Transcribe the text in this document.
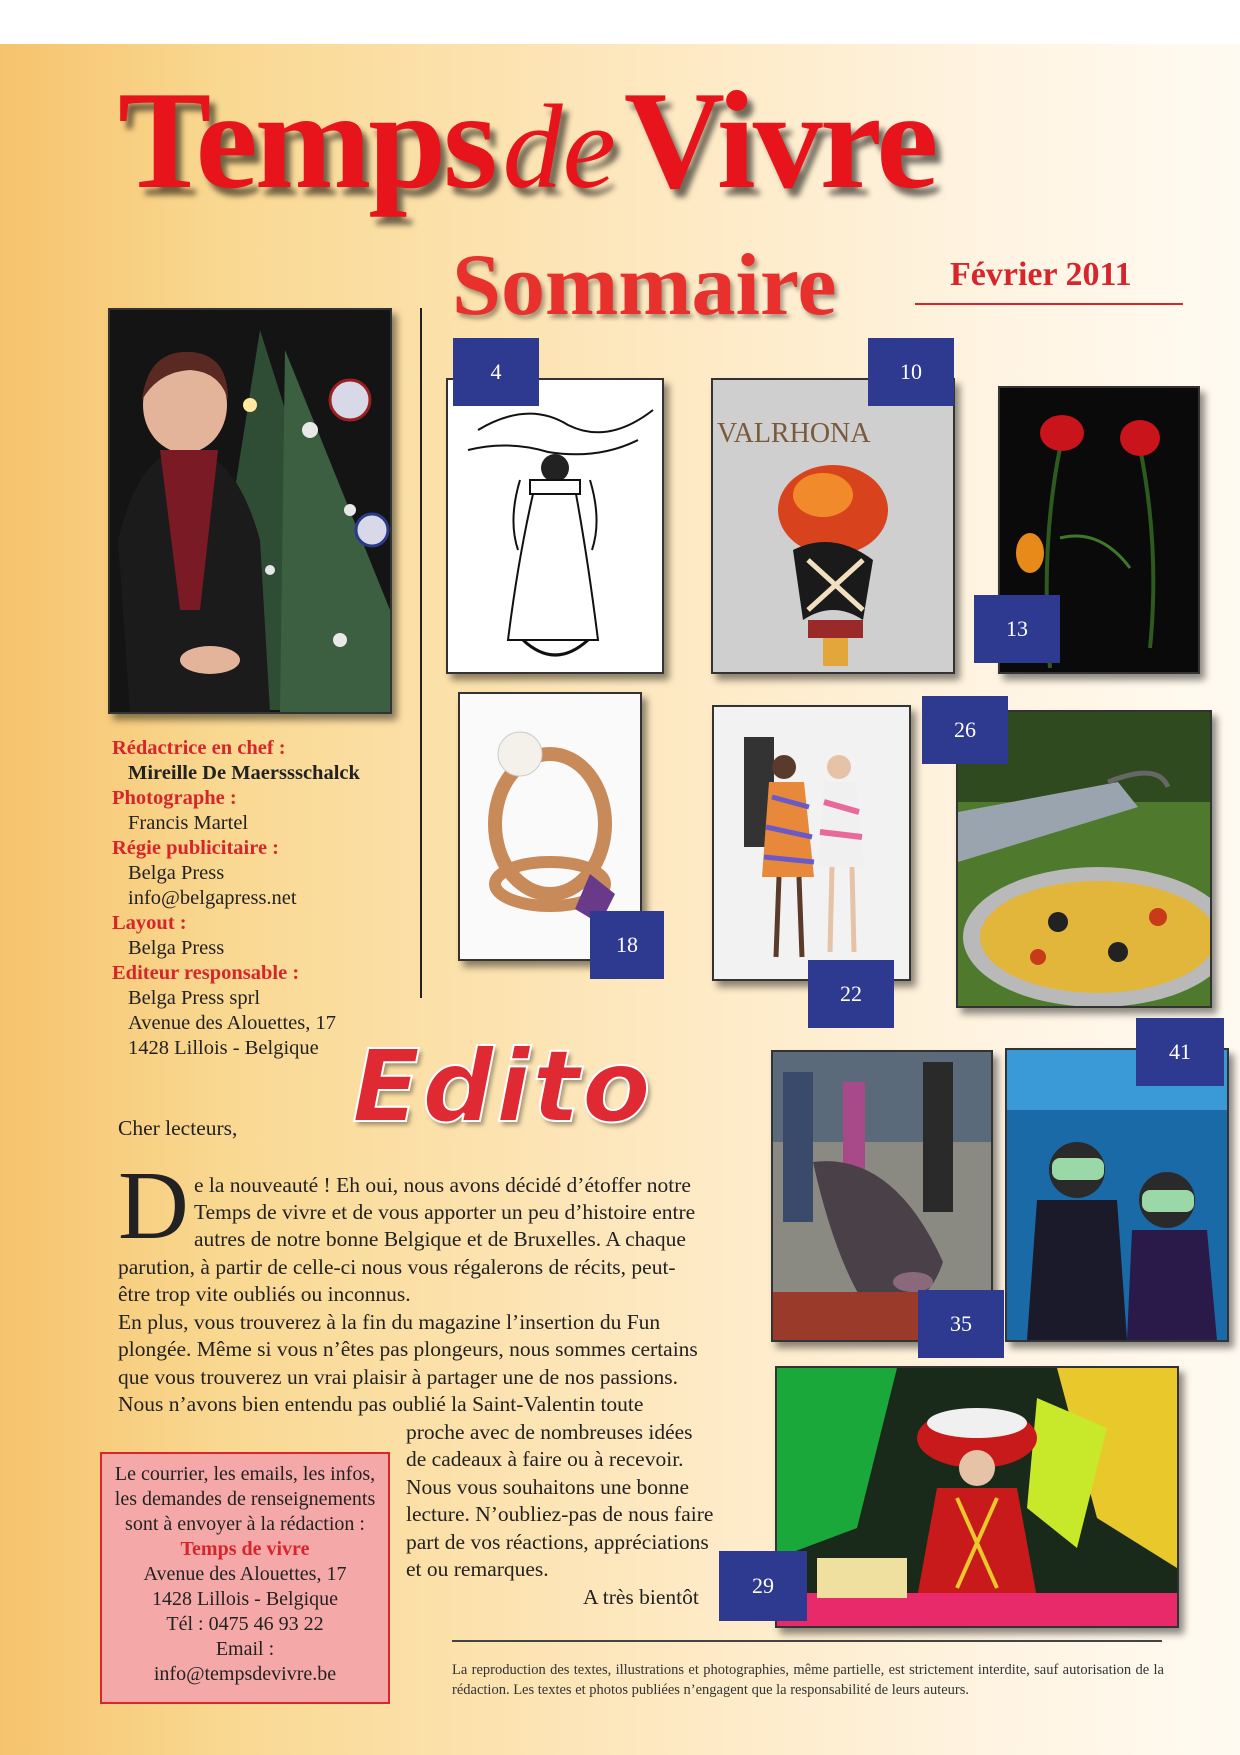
Temps de Vivre
Sommaire	Février 2011
4
VALRHONA
10
13
18
22
26
35
41
29
Rédactrice en chef :
Mireille De Maerssschalck
Photographe :
Francis Martel
Régie publicitaire :
Belga Press
info@belgapress.net
Layout :
Belga Press
Editeur responsable :
Belga Press sprl
Avenue des Alouettes, 17
1428 Lillois - Belgique Edito
Cher lecteurs,
D e la nouveauté ! Eh oui, nous avons décidé d’étoffer notre
Temps de vivre et de vous apporter un peu d’histoire entre
autres de notre bonne Belgique et de Bruxelles. A chaque
parution, à partir de celle-ci nous vous régalerons de récits, peut-
être trop vite oubliés ou inconnus.
En plus, vous trouverez à la fin du magazine l’insertion du Fun
plongée. Même si vous n’êtes pas plongeurs, nous sommes certains
que vous trouverez un vrai plaisir à partager une de nos passions.
Nous n’avons bien entendu pas oublié la Saint-Valentin toute
proche avec de nombreuses idées
de cadeaux à faire ou à recevoir.
Nous vous souhaitons une bonne
lecture. N’oubliez-pas de nous faire
part de vos réactions, appréciations
et ou remarques.
A très bientôt
Le courrier, les emails, les infos,
les demandes de renseignements
sont à envoyer à la rédaction :
Temps de vivre
Avenue des Alouettes, 17
1428 Lillois - Belgique
Tél : 0475 46 93 22
Email :
info@tempsdevivre.be	La reproduction des textes, illustrations et photographies, même partielle, est strictement interdite, sauf autorisation de la rédaction. Les textes et photos publiées n’engagent que la responsabilité de leurs auteurs.
